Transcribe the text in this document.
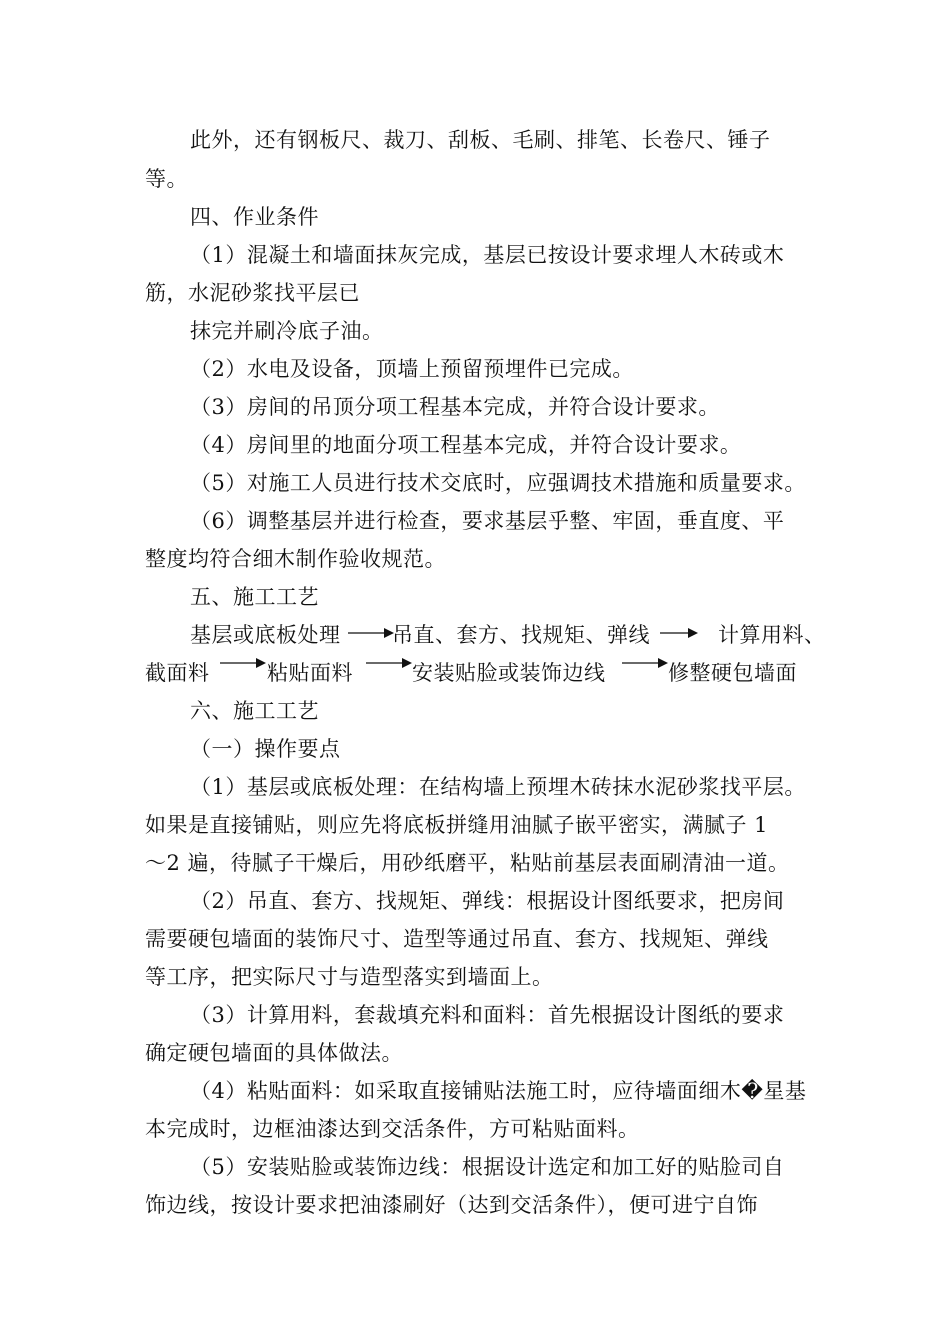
此外，还有钢板尺、裁刀、刮板、毛刷、排笔、长卷尺、锤子
等。
四、作业条件
（1）混凝土和墙面抹灰完成，基层已按设计要求埋人木砖或木
筋，水泥砂浆找平层已
抹完并刷冷底子油。
（2）水电及设备，顶墙上预留预埋件已完成。
（3）房间的吊顶分项工程基本完成，并符合设计要求。
（4）房间里的地面分项工程基本完成，并符合设计要求。
（5）对施工人员进行技术交底时，应强调技术措施和质量要求。
（6）调整基层并进行检查，要求基层乎整、牢固，垂直度、平
整度均符合细木制作验收规范。
五、施工工艺
基层或底板处理 吊直、套方、找规矩、弹线	计算用料、
截面料	粘贴面料	安装贴脸或装饰边线	修整硬包墙面
六、施工工艺
（一）操作要点
（1）基层或底板处理：在结构墙上预埋木砖抹水泥砂浆找平层。
如果是直接铺贴，则应先将底板拼缝用油腻子嵌平密实，满腻子 1
～2 遍，待腻子干燥后，用砂纸磨平，粘贴前基层表面刷清油一道。
（2）吊直、套方、找规矩、弹线：根据设计图纸要求，把房间
需要硬包墙面的装饰尺寸、造型等通过吊直、套方、找规矩、弹线
等工序，把实际尺寸与造型落实到墙面上。
（3）计算用料，套裁填充料和面料：首先根据设计图纸的要求
确定硬包墙面的具体做法。
（4）粘贴面料：如采取直接铺贴法施工时，应待墙面细木�星基
本完成时，边框油漆达到交活条件，方可粘贴面料。
（5）安装贴脸或装饰边线：根据设计选定和加工好的贴脸司自
饰边线，按设计要求把油漆刷好（达到交活条件），便可进宁自饰
